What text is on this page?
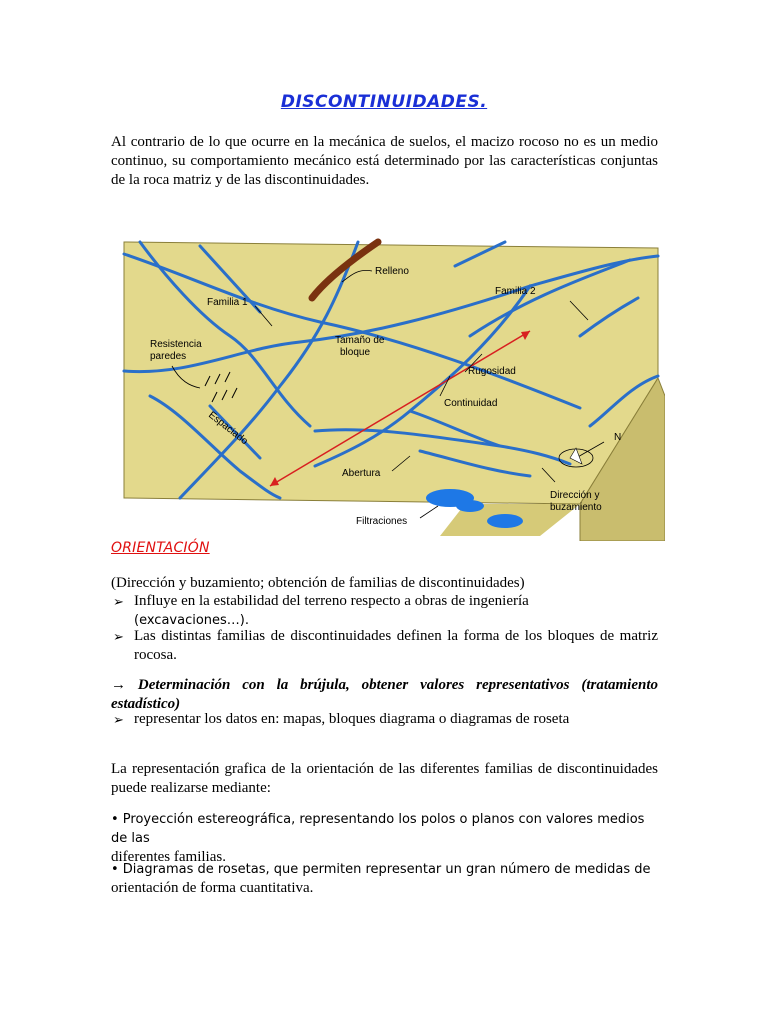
DISCONTINUIDADES.
Al contrario de lo que ocurre en la mecánica de suelos, el macizo rocoso no es un medio continuo, su comportamiento mecánico está determinado por las características conjuntas de la roca matriz y de las discontinuidades.
Relleno
Familia 1
Familia 2
Resistencia
paredes
Tamaño de
bloque
Rugosidad
Continuidad
Espaciado
Abertura
Filtraciones
Dirección y
buzamiento
N
ORIENTACIÓN
(Dirección y buzamiento; obtención de familias de discontinuidades)
➢ Influye en la estabilidad del terreno respecto a obras de ingeniería
(excavaciones…).
➢ Las distintas familias de discontinuidades definen la forma de los bloques de matriz rocosa.
→ Determinación con la brújula, obtener valores representativos (tratamiento estadístico)
➢ representar los datos en: mapas, bloques diagrama o diagramas de roseta
La representación grafica de la orientación de las diferentes familias de discontinuidades puede realizarse mediante:
• Proyección estereográfica, representando los polos o planos con valores medios de las
diferentes familias.
• Diagramas de rosetas, que permiten representar un gran número de medidas de
orientación de forma cuantitativa.
